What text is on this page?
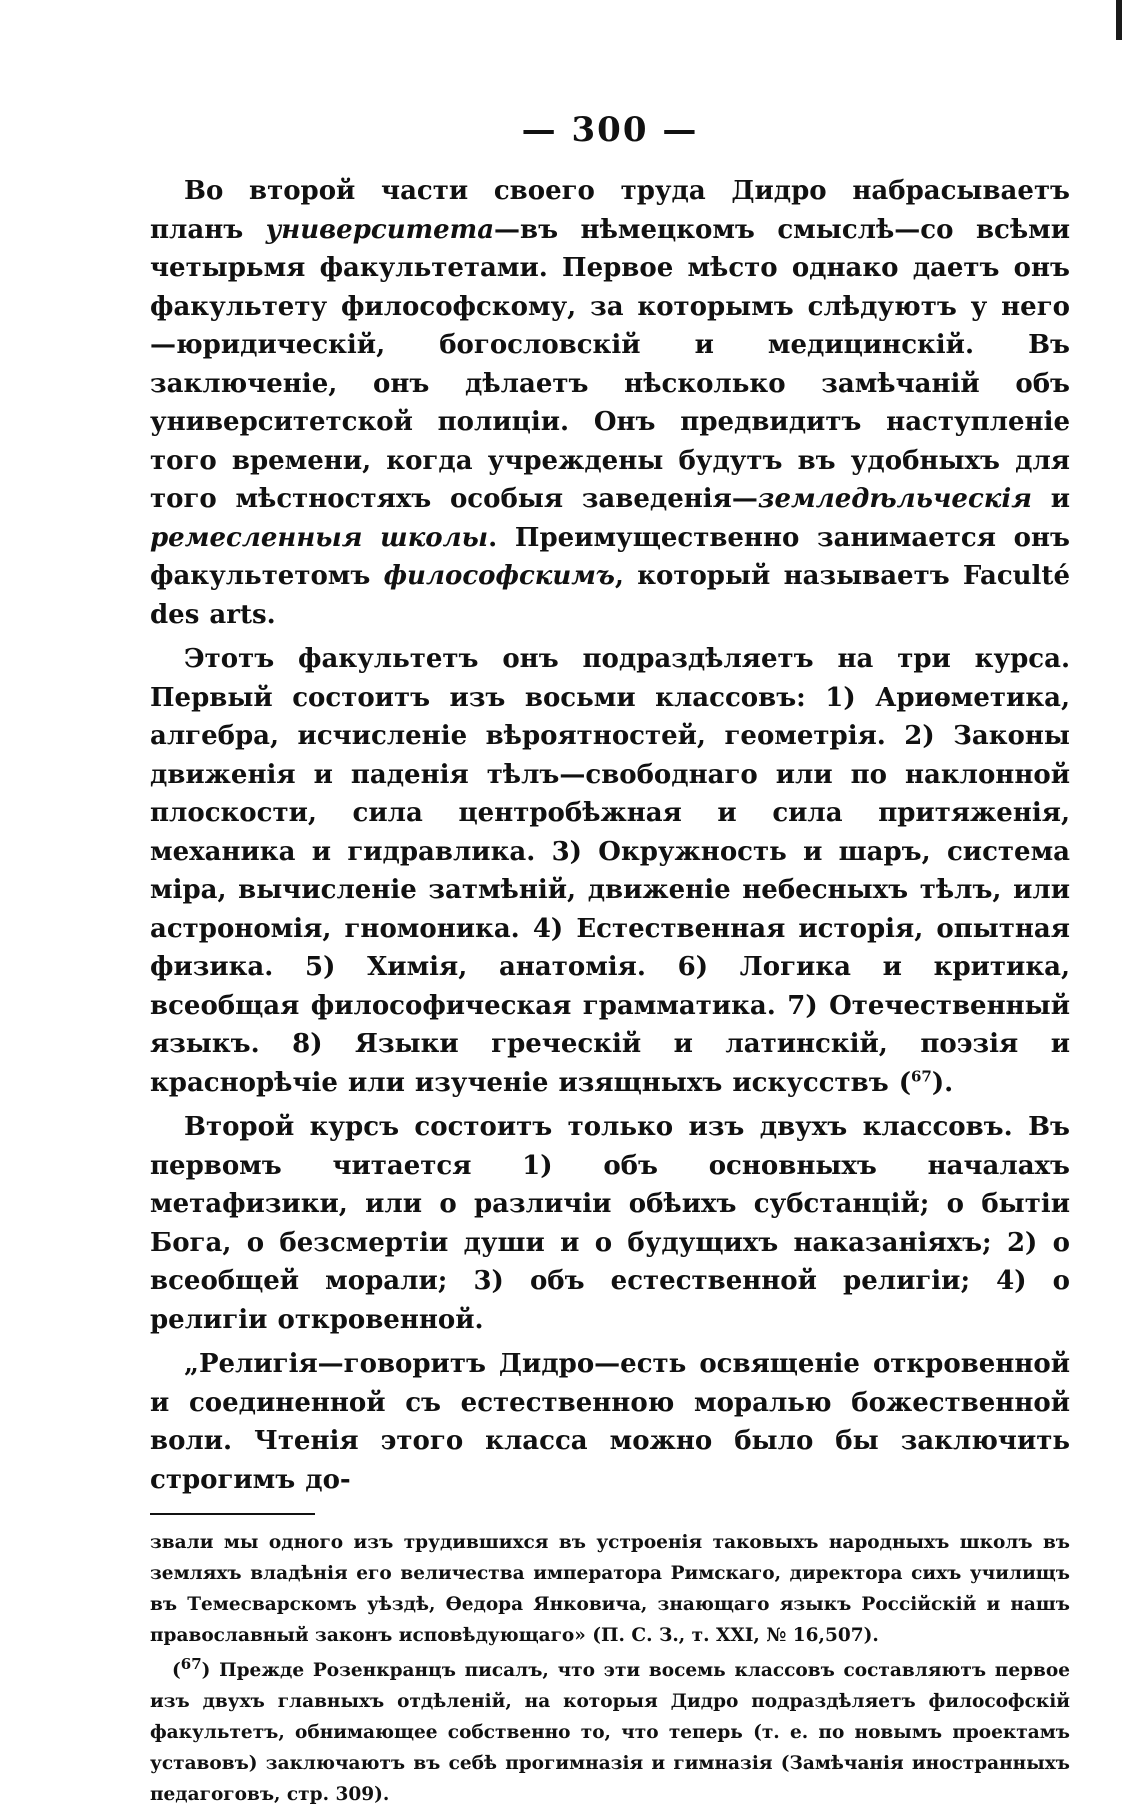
— 300 —

Во второй части своего труда Дидро набрасываетъ планъ университета—въ нѣмецкомъ смыслѣ—со всѣми четырьмя факультетами. Первое мѣсто однако даетъ онъ факультету философскому, за которымъ слѣдуютъ у него—юридическій, богословскій и медицинскій. Въ заключеніе, онъ дѣлаетъ нѣсколько замѣчаній объ университетской полиціи. Онъ предвидитъ наступленіе того времени, когда учреждены будутъ въ удобныхъ для того мѣстностяхъ особыя заведенія—земледѣльческія и ремесленныя школы. Преимущественно занимается онъ факультетомъ философскимъ, который называетъ Faculté des arts.

Этотъ факультетъ онъ подраздѣляетъ на три курса. Первый состоитъ изъ восьми классовъ: 1) Ариѳметика, алгебра, исчисленіе вѣроятностей, геометрія. 2) Законы движенія и паденія тѣлъ—свободнаго или по наклонной плоскости, сила центробѣжная и сила притяженія, механика и гидравлика. 3) Окружность и шаръ, система міра, вычисленіе затмѣній, движеніе небесныхъ тѣлъ, или астрономія, гномоника. 4) Естественная исторія, опытная физика. 5) Химія, анатомія. 6) Логика и критика, всеобщая философическая грамматика. 7) Отечественный языкъ. 8) Языки греческій и латинскій, поэзія и краснорѣчіе или изученіе изящныхъ искусствъ ($^{67}$).

Второй курсъ состоитъ только изъ двухъ классовъ. Въ первомъ читается 1) объ основныхъ началахъ метафизики, или о различіи обѣихъ субстанцій; о бытіи Бога, о безсмертіи души и о будущихъ наказаніяхъ; 2) о всеобщей морали; 3) объ естественной религіи; 4) о религіи откровенной.

„Религія—говоритъ Дидро—есть освященіе откровенной и соединенной съ естественною моралью божественной воли. Чтенія этого класса можно было бы заключить строгимъ до-

звали мы одного изъ трудившихся въ устроенія таковыхъ народныхъ школъ въ земляхъ владѣнія его величества императора Римскаго, директора сихъ училищъ въ Темесварскомъ уѣздѣ, Ѳедора Янковича, знающаго языкъ Россійскій и нашъ православный законъ исповѣдующаго» (П. С. З., т. XXI, № 16,507).

($^{67}$) Прежде Розенкранцъ писалъ, что эти восемь классовъ составляютъ первое изъ двухъ главныхъ отдѣленій, на которыя Дидро подраздѣляетъ философскій факультетъ, обнимающее собственно то, что теперь (т. е. по новымъ проектамъ уставовъ) заключаютъ въ себѣ прогимназія и гимназія (Замѣчанія иностранныхъ педагоговъ, стр. 309).
